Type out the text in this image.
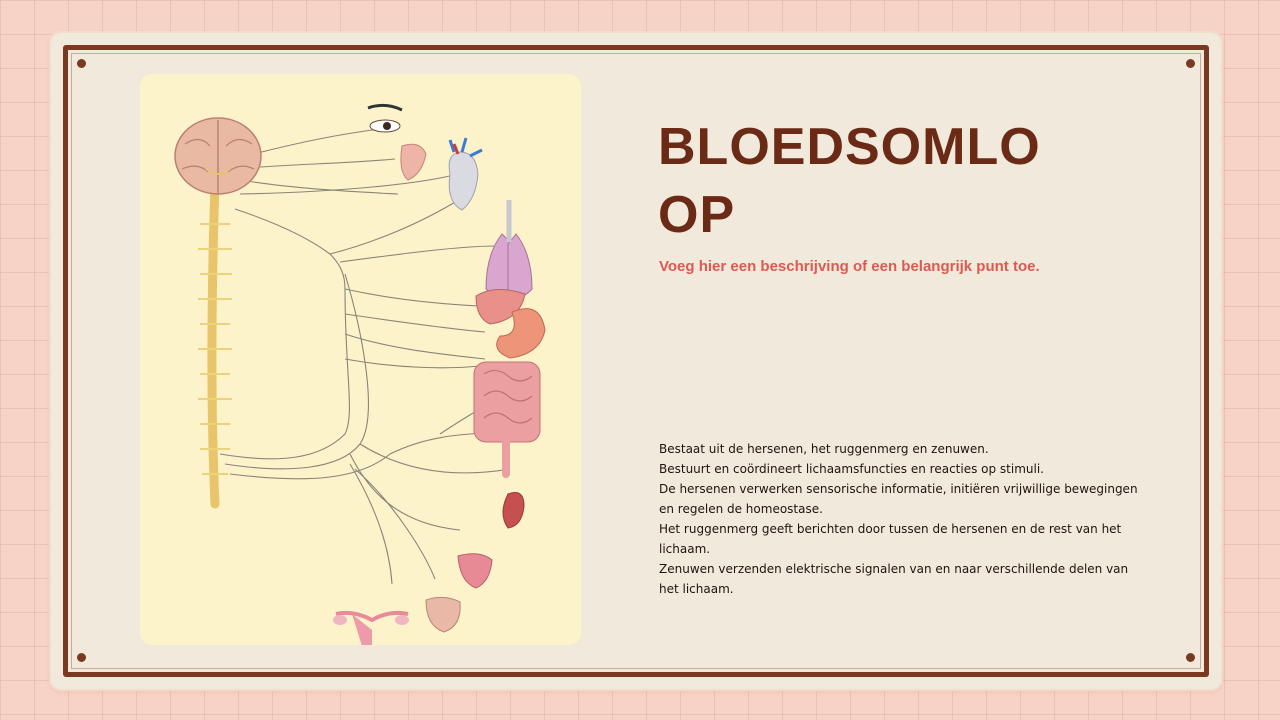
BLOEDSOMLOOP
Voeg hier een beschrijving of een belangrijk punt toe.
Bestaat uit de hersenen, het ruggenmerg en zenuwen.
Bestuurt en coördineert lichaamsfuncties en reacties op stimuli.
De hersenen verwerken sensorische informatie, initiëren vrijwillige bewegingen en regelen de homeostase.
Het ruggenmerg geeft berichten door tussen de hersenen en de rest van het lichaam.
Zenuwen verzenden elektrische signalen van en naar verschillende delen van het lichaam.
